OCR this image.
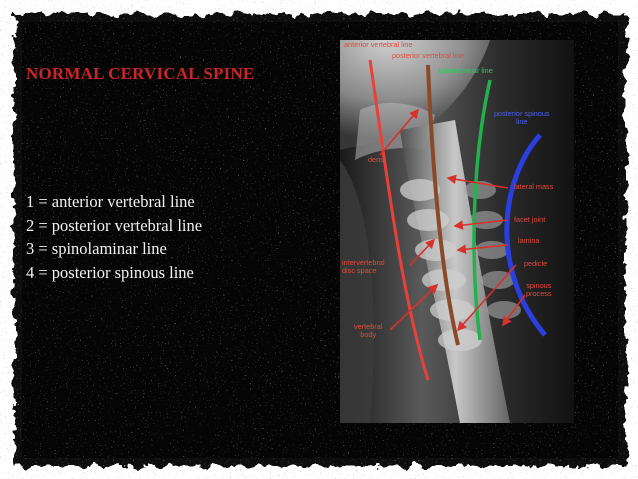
NORMAL CERVICAL SPINE
1 = anterior vertebral line
2 = posterior vertebral line
3 = spinolaminar line
4 = posterior spinous line
anterior vertebral line
posterior vertebral line
spinolaminar line
posterior spinous
line
dens
lateral mass
facet joint
lamina
intervertebral
disc space
pedicle
spinous
process
vertebral
body
